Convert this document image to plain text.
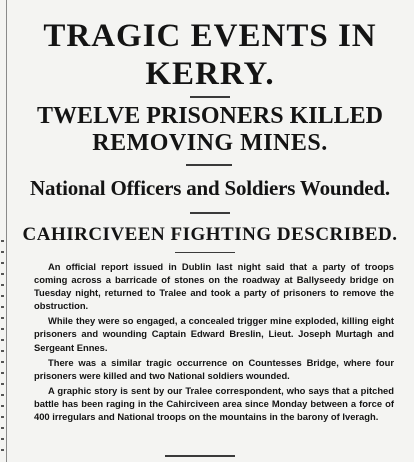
TRAGIC EVENTS IN
KERRY.
TWELVE PRISONERS KILLED
REMOVING MINES.
National Officers and Soldiers Wounded.
CAHIRCIVEEN FIGHTING DESCRIBED.

An official report issued in Dublin last night said that a party of troops coming across a barricade of stones on the roadway at Ballyseedy bridge on Tuesday night, returned to Tralee and took a party of prisoners to remove the obstruction.

While they were so engaged, a concealed trigger mine exploded, killing eight prisoners and wounding Captain Edward Breslin, Lieut. Joseph Murtagh and Sergeant Ennes.

There was a similar tragic occurrence on Countesses Bridge, where four prisoners were killed and two National soldiers wounded.

A graphic story is sent by our Tralee correspondent, who says that a pitched battle has been raging in the Cahirciveen area since Monday between a force of 400 irregulars and National troops on the mountains in the barony of Iveragh.
